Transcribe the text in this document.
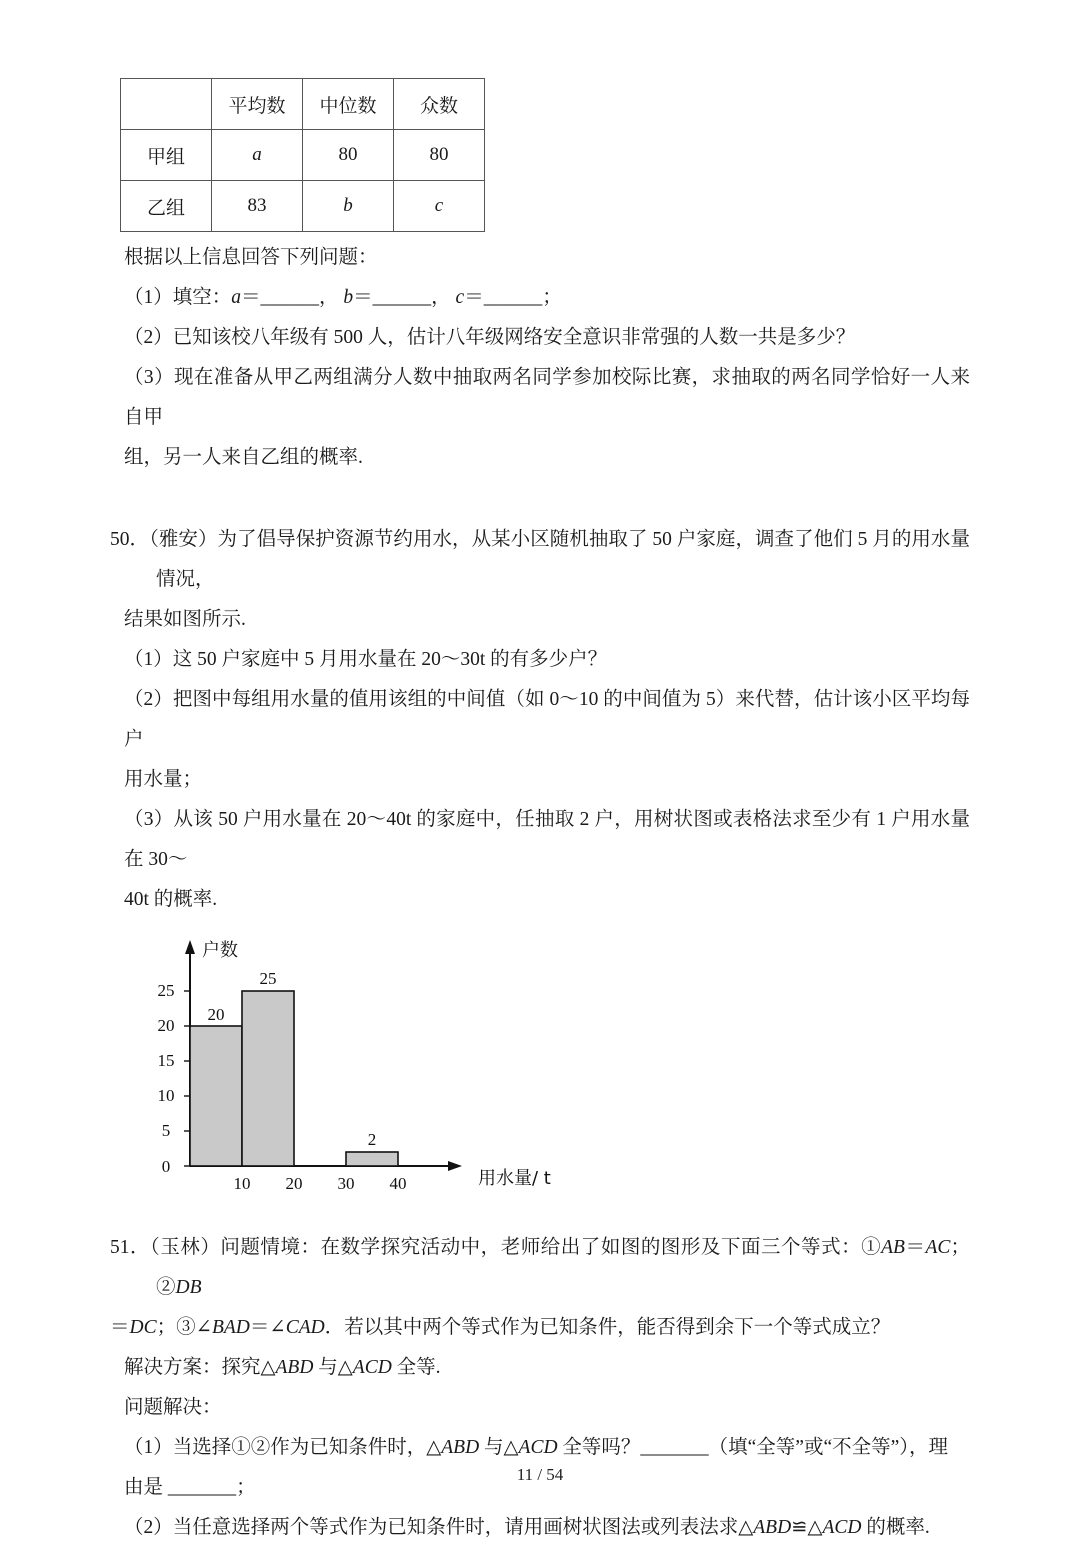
	平均数	中位数	众数
甲组	a	80	80
乙组	83	b	c

根据以上信息回答下列问题：

（1）填空：a＝______， b＝______， c＝______；

（2）已知该校八年级有 500 人，估计八年级网络安全意识非常强的人数一共是多少？

（3）现在准备从甲乙两组满分人数中抽取两名同学参加校际比赛，求抽取的两名同学恰好一人来自甲

组，另一人来自乙组的概率.

50．（雅安）为了倡导保护资源节约用水，从某小区随机抽取了 50 户家庭，调查了他们 5 月的用水量情况，

结果如图所示.

（1）这 50 户家庭中 5 月用水量在 20～30t 的有多少户？

（2）把图中每组用水量的值用该组的中间值（如 0～10 的中间值为 5）来代替，估计该小区平均每户

用水量；

（3）从该 50 户用水量在 20～40t 的家庭中，任抽取 2 户，用树状图或表格法求至少有 1 户用水量在 30～

40t 的概率.

0
5
10
15
20
25
20
25
2
10 20 30 40
户数
用水量/ t

51．（玉林）问题情境：在数学探究活动中，老师给出了如图的图形及下面三个等式：①AB＝AC；②DB

＝DC；③∠BAD＝∠CAD．若以其中两个等式作为已知条件，能否得到余下一个等式成立？

解决方案：探究△ABD 与△ACD 全等.

问题解决：

（1）当选择①②作为已知条件时，△ABD 与△ACD 全等吗？_______（填“全等”或“不全等”），理

由是 _______；

（2）当任意选择两个等式作为已知条件时，请用画树状图法或列表法求△ABD≌△ACD 的概率.

11 / 54
